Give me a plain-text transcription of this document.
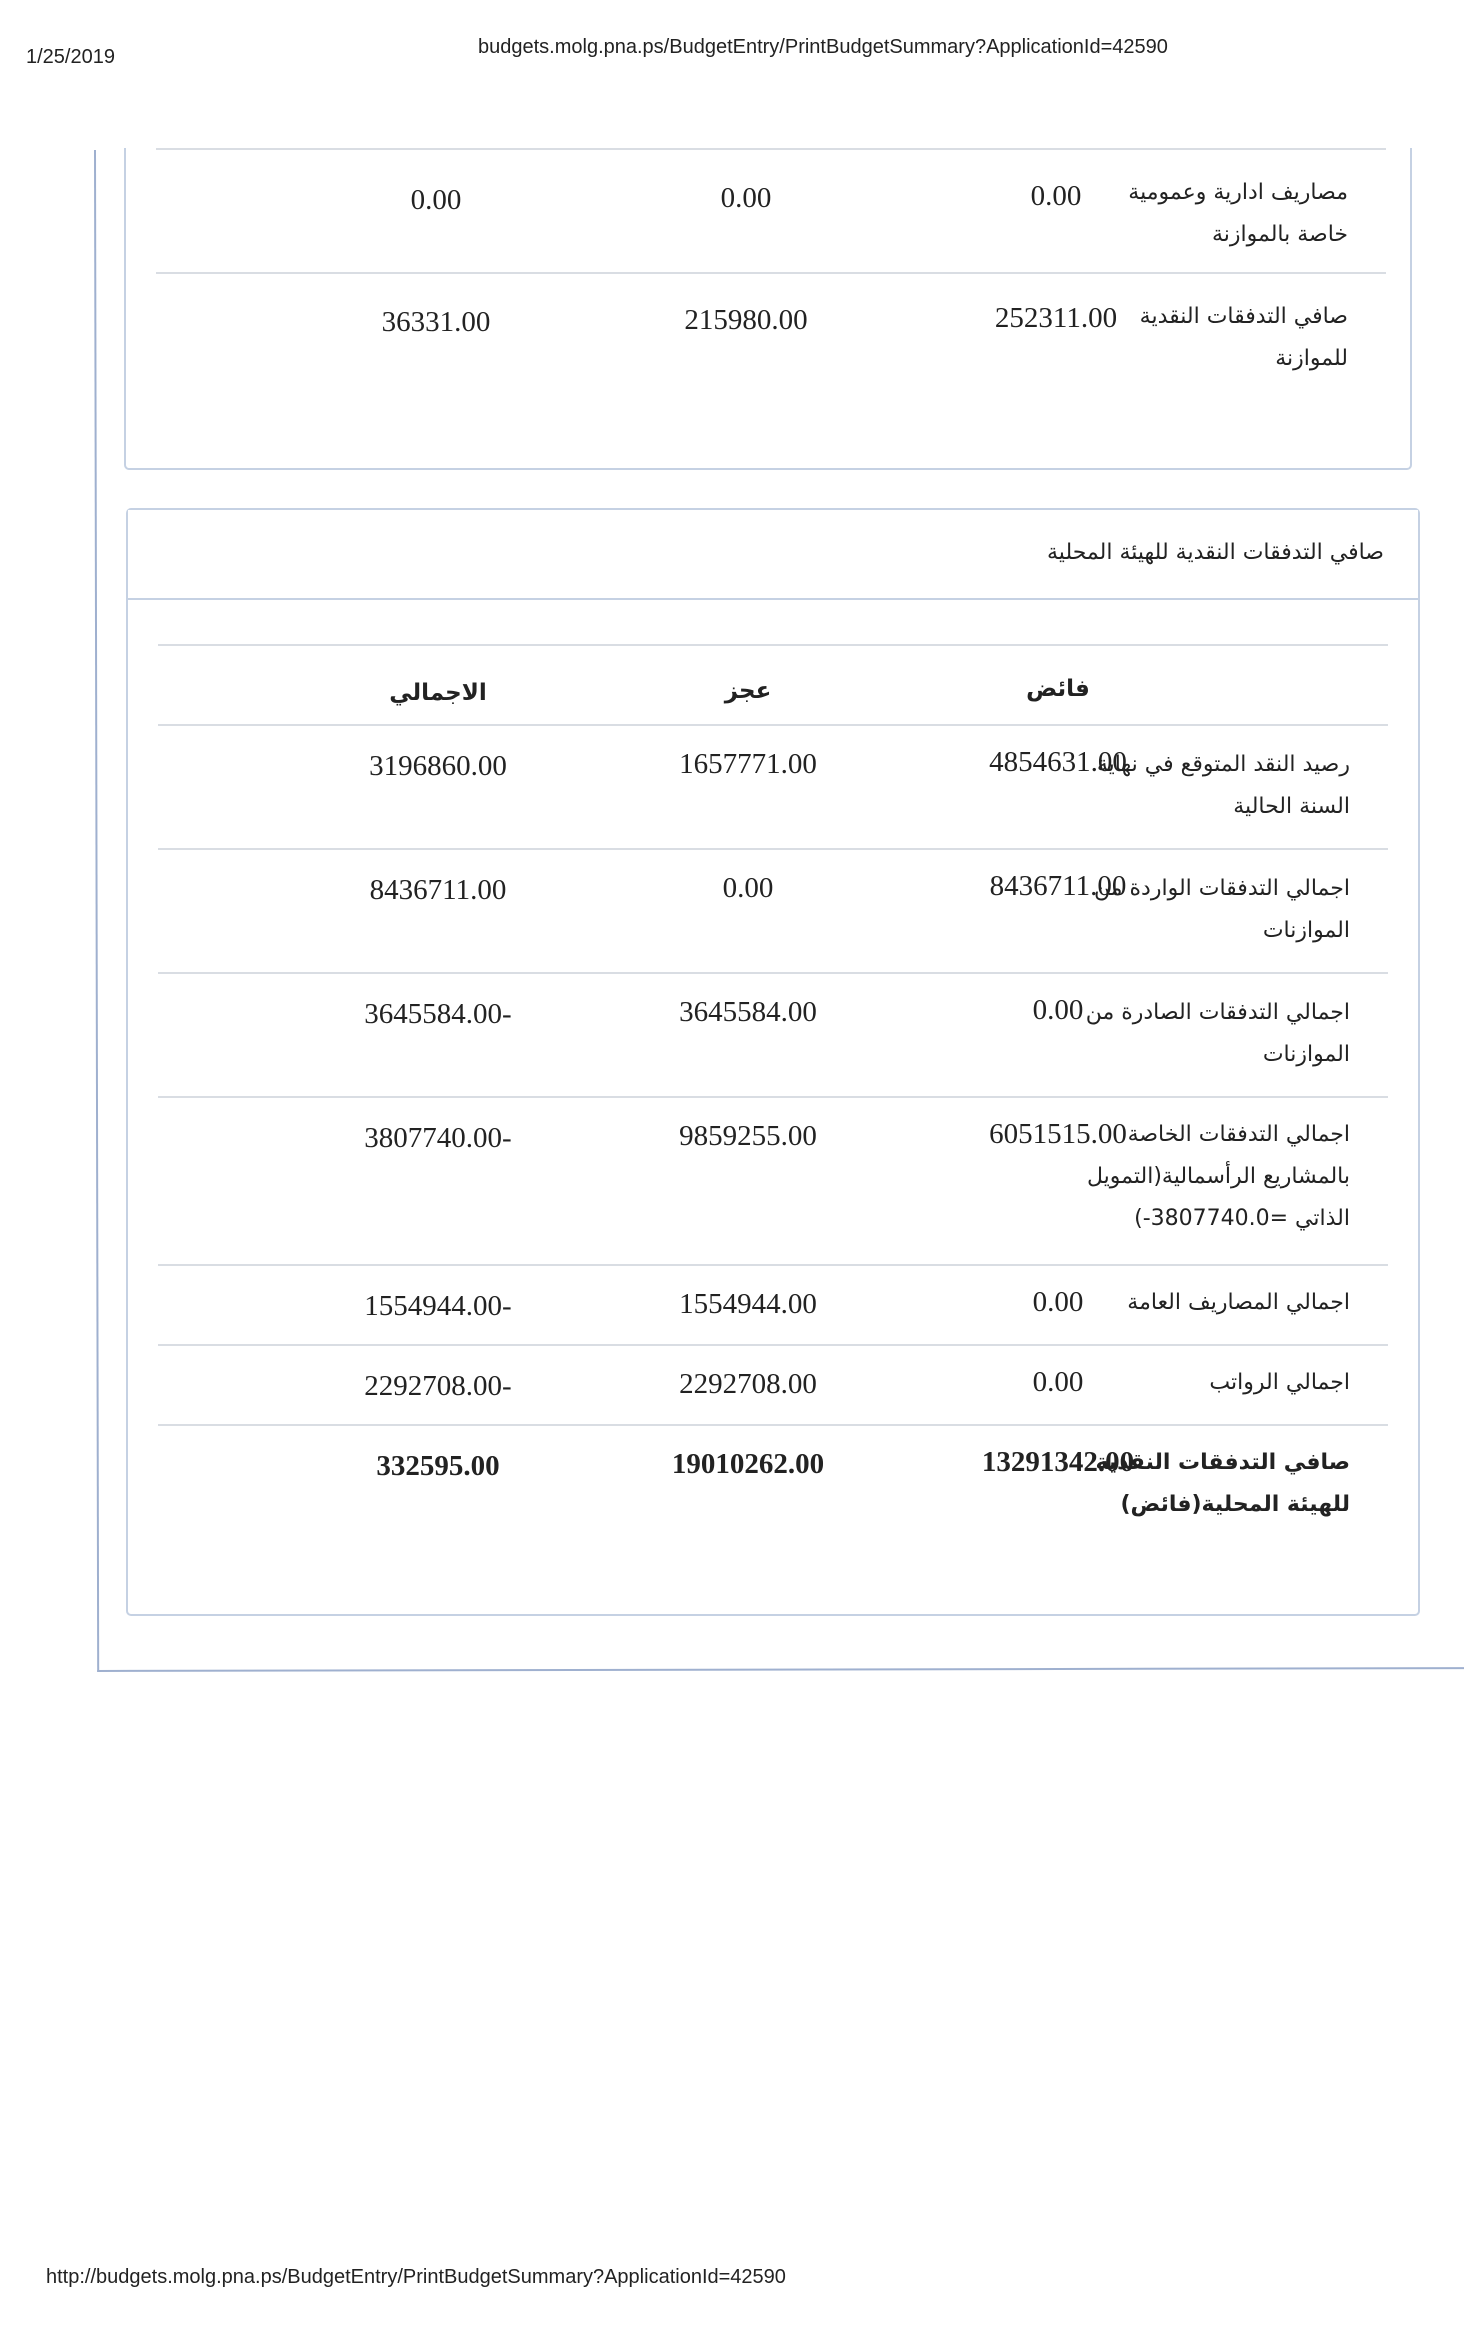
1/25/2019	budgets.molg.pna.ps/BudgetEntry/PrintBudgetSummary?ApplicationId=42590
مصاريف ادارية وعمومية خاصة بالموازنة
0.00
0.00
0.00
صافي التدفقات النقدية للموازنة
252311.00
215980.00
36331.00
صافي التدفقات النقدية للهيئة المحلية
فائض
عجز
الاجمالي
رصيد النقد المتوقع في نهاية السنة الحالية
4854631.00
1657771.00
3196860.00
اجمالي التدفقات الواردة من الموازنات
8436711.00
0.00
8436711.00
اجمالي التدفقات الصادرة من الموازنات
0.00
3645584.00
3645584.00-
اجمالي التدفقات الخاصة بالمشاريع الرأسمالية(التمويل الذاتي =3807740.0-)
6051515.00
9859255.00
3807740.00-
اجمالي المصاريف العامة
0.00
1554944.00
1554944.00-
اجمالي الرواتب
0.00
2292708.00
2292708.00-
صافي التدفقات النقدية للهيئة المحلية(فائض)
13291342.00
19010262.00
332595.00
http://budgets.molg.pna.ps/BudgetEntry/PrintBudgetSummary?ApplicationId=42590
